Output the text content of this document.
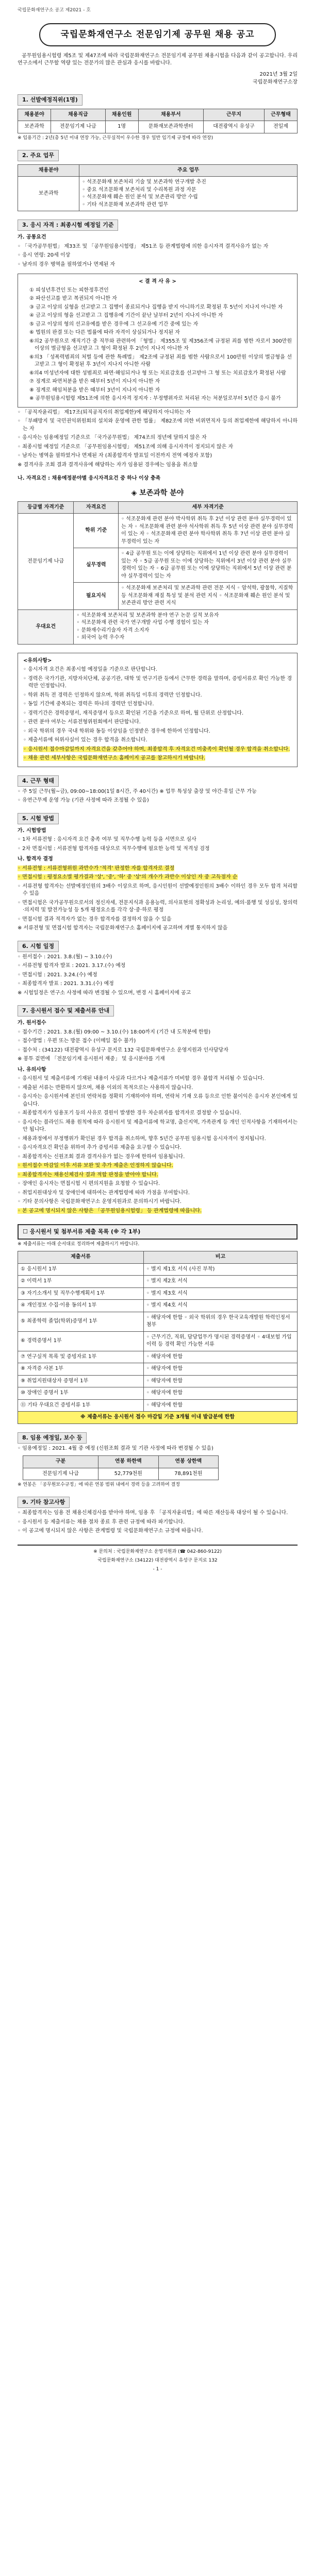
국립문화재연구소 공고 제2021 - 호
국립문화재연구소 전문임기제 공무원 채용 공고

공무원임용시험령 제5조 및 제47조에 따라 국립문화재연구소 전문임기제 공무원 채용시험을 다음과 같이 공고합니다. 우리 연구소에서 근무할 역량 있는 전문가의 많은 관심과 응시를 바랍니다.

2021년 3월 2일
국립문화재연구소장
1. 선발예정직위(1명)
채용분야	채용직급	채용인원	채용부서	근무지	근무형태
보존과학	전문임기제 나급	1명	문화재보존과학센터	대전광역시 유성구	전일제

※ 임용기간 : 2년(총 5년 이내 연장 가능, 근무실적이 우수한 경우 일반 임기제 규정에 따라 연장)

2. 주요 업무
채용분야	주요 업무
보존과학	◦ 석조문화재 보존처리 기술 및 보존과학 연구개발 추진
◦ 중요 석조문화재 보존처리 및 수리복원 과정 자문
◦ 석조문화재 훼손 원인 분석 및 보존관리 방안 수립
◦ 기타 석조문화재 보존과학 관련 업무
3. 응시 자격 : 최종시험 예정일 기준
가. 공통요건

◦ 「국가공무원법」 제33조 및 「공무원임용시험령」 제51조 등 관계법령에 의한 응시자격 결격사유가 없는 자

◦ 응시 연령: 20세 이상

◦ 남자의 경우 병역을 필하였거나 면제된 자

< 결 격 사 유 >

① 피성년후견인 또는 피한정후견인

② 파산선고를 받고 복권되지 아니한 자

③ 금고 이상의 실형을 선고받고 그 집행이 종료되거나 집행을 받지 아니하기로 확정된 후 5년이 지나지 아니한 자

④ 금고 이상의 형을 선고받고 그 집행유예 기간이 끝난 날부터 2년이 지나지 아니한 자

⑤ 금고 이상의 형의 선고유예를 받은 경우에 그 선고유예 기간 중에 있는 자

⑥ 법원의 판결 또는 다른 법률에 따라 자격이 상실되거나 정지된 자

⑥의2 공무원으로 재직기간 중 직무와 관련하여 「형법」 제355조 및 제356조에 규정된 죄를 범한 자로서 300만원 이상의 벌금형을 선고받고 그 형이 확정된 후 2년이 지나지 아니한 자

⑥의3 「성폭력범죄의 처벌 등에 관한 특례법」 제2조에 규정된 죄를 범한 사람으로서 100만원 이상의 벌금형을 선고받고 그 형이 확정된 후 3년이 지나지 아니한 사람

⑥의4 미성년자에 대한 성범죄로 파면·해임되거나 형 또는 치료감호를 선고받아 그 형 또는 치료감호가 확정된 사람

⑦ 징계로 파면처분을 받은 때부터 5년이 지나지 아니한 자

⑧ 징계로 해임처분을 받은 때부터 3년이 지나지 아니한 자

※ 공무원임용시험령 제51조에 의한 응시자격 정지자 : 부정행위자로 처리된 자는 처분일로부터 5년간 응시 불가

◦ 「공직자윤리법」 제17조(퇴직공직자의 취업제한)에 해당하지 아니하는 자

◦ 「부패방지 및 국민권익위원회의 설치와 운영에 관한 법률」 제82조에 의한 비위면직자 등의 취업제한에 해당하지 아니하는 자

◦ 응시자는 임용예정일 기준으로 「국가공무원법」 제74조의 정년에 달하지 않은 자

◦ 최종시험 예정일 기준으로 「공무원임용시험령」 제51조에 의해 응시자격이 정지되지 않은 자

◦ 남자는 병역을 필하였거나 면제된 자 (최종합격자 발표일 이전까지 전역 예정자 포함)

※ 결격사유 조회 결과 결격사유에 해당하는 자가 임용된 경우에는 임용을 취소함

나. 자격요건 : 채용예정분야별 응시자격요건 중 하나 이상 충족
◈ 보존과학 분야
등급별 자격기준	자격요건	세부 자격기준
전문임기제 나급	학위 기준	◦ 석조문화재 관련 분야 박사학위 취득 후 2년 이상 관련 분야 실무경력이 있는 자 ◦ 석조문화재 관련 분야 석사학위 취득 후 5년 이상 관련 분야 실무경력이 있는 자 ◦ 석조문화재 관련 분야 학사학위 취득 후 7년 이상 관련 분야 실무경력이 있는 자
	실무경력	◦ 4급 공무원 또는 이에 상당하는 직위에서 1년 이상 관련 분야 실무경력이 있는 자 ◦ 5급 공무원 또는 이에 상당하는 직위에서 3년 이상 관련 분야 실무경력이 있는 자 ◦ 6급 공무원 또는 이에 상당하는 직위에서 5년 이상 관련 분야 실무경력이 있는 자
	필요지식	◦ 석조문화재 보존처리 및 보존과학 관련 전문 지식 ◦ 암석학, 광물학, 지질학 등 석조문화재 재질 특성 및 분석 관련 지식 ◦ 석조문화재 훼손 원인 분석 및 보존관리 방안 관련 지식
우대요건	◦ 석조문화재 보존처리 및 보존과학 분야 연구 논문 실적 보유자
◦ 석조문화재 관련 국가 연구개발 사업 수행 경험이 있는 자
◦ 문화재수리기술자 자격 소지자
◦ 외국어 능력 우수자	
<유의사항>

◦ 응시자격 요건은 최종시험 예정일을 기준으로 판단합니다.

◦ 경력은 국가기관, 지방자치단체, 공공기관, 대학 및 연구기관 등에서 근무한 경력을 말하며, 증빙서류로 확인 가능한 경력만 인정합니다.

◦ 학위 취득 전 경력은 인정하지 않으며, 학위 취득일 이후의 경력만 인정합니다.

◦ 동일 기간에 중복되는 경력은 하나의 경력만 인정합니다.

◦ 경력기간은 경력증명서, 재직증명서 등으로 확인된 기간을 기준으로 하며, 월 단위로 산정합니다.

◦ 관련 분야 여부는 서류전형위원회에서 판단합니다.

◦ 외국 학위의 경우 국내 학위와 동등 이상임을 인정받은 경우에 한하여 인정합니다.

◦ 제출서류에 허위사실이 있는 경우 합격을 취소합니다.

◦ 응시원서 접수마감일까지 자격요건을 갖추어야 하며, 최종합격 후 자격요건 미충족이 확인될 경우 합격을 취소합니다.

◦ 채용 관련 세부사항은 국립문화재연구소 홈페이지 공고를 참고하시기 바랍니다.

4. 근무 형태

◦ 주 5일 근무(월~금), 09:00~18:00(1일 8시간, 주 40시간) ※ 업무 특성상 출장 및 야간·휴일 근무 가능

◦ 유연근무제 운영 가능 (기관 사정에 따라 조정될 수 있음)

5. 시험 방법
가. 시험방법

◦ 1차 서류전형 : 응시자격 요건 충족 여부 및 직무수행 능력 등을 서면으로 심사

◦ 2차 면접시험 : 서류전형 합격자를 대상으로 직무수행에 필요한 능력 및 적격성 검정

나. 합격자 결정

◦ 서류전형 : 서류전형위원 과반수가 '적격' 판정한 자를 합격자로 결정

◦ 면접시험 : 평정요소별 평가결과 '상', '중', '하' 중 '상'의 개수가 과반수 이상인 자 중 고득점자 순

◦ 서류전형 합격자는 선발예정인원의 3배수 이상으로 하며, 응시인원이 선발예정인원의 3배수 이하인 경우 모두 합격 처리할 수 있음

◦ 면접시험은 국가공무원으로서의 정신자세, 전문지식과 응용능력, 의사표현의 정확성과 논리성, 예의·품행 및 성실성, 창의력·의지력 및 발전가능성 등 5개 평정요소를 각각 상·중·하로 평정

◦ 면접시험 결과 적격자가 없는 경우 합격자를 결정하지 않을 수 있음

※ 서류전형 및 면접시험 합격자는 국립문화재연구소 홈페이지에 공고하며 개별 통지하지 않음

6. 시험 일정

◦ 원서접수 : 2021. 3.8.(월) ~ 3.10.(수)

◦ 서류전형 합격자 발표 : 2021. 3.17.(수) 예정

◦ 면접시험 : 2021. 3.24.(수) 예정

◦ 최종합격자 발표 : 2021. 3.31.(수) 예정

※ 시험일정은 연구소 사정에 따라 변경될 수 있으며, 변경 시 홈페이지에 공고

7. 응시원서 접수 및 제출서류 안내
가. 원서접수

◦ 접수기간 : 2021. 3.8.(월) 09:00 ~ 3.10.(수) 18:00까지 (기간 내 도착분에 한함)

◦ 접수방법 : 우편 또는 방문 접수 (이메일 접수 불가)

◦ 접수처 : (34122) 대전광역시 유성구 문지로 132 국립문화재연구소 운영지원과 인사담당자

※ 봉투 겉면에 「전문임기제 응시원서 재중」 및 응시분야를 기재

나. 유의사항

◦ 응시원서 및 제출서류에 기재된 내용이 사실과 다르거나 제출서류가 미비할 경우 불합격 처리될 수 있습니다.

◦ 제출된 서류는 반환하지 않으며, 채용 이외의 목적으로는 사용하지 않습니다.

◦ 응시자는 응시원서에 본인의 연락처를 정확히 기재하여야 하며, 연락처 기재 오류 등으로 인한 불이익은 응시자 본인에게 있습니다.

◦ 최종합격자가 임용포기 등의 사유로 결원이 발생한 경우 차순위자를 합격자로 결정할 수 있습니다.

◦ 응시자는 블라인드 채용 원칙에 따라 응시원서 및 제출서류에 학교명, 출신지역, 가족관계 등 개인 인적사항을 기재하여서는 안 됩니다.

◦ 채용과정에서 부정행위가 확인된 경우 합격을 취소하며, 향후 5년간 공무원 임용시험 응시자격이 정지됩니다.

◦ 응시자격요건 확인을 위하여 추가 증빙서류 제출을 요구할 수 있습니다.

◦ 최종합격자는 신원조회 결과 결격사유가 없는 경우에 한하여 임용됩니다.

◦ 원서접수 마감일 이후 서류 보완 및 추가 제출은 인정하지 않습니다.

◦ 최종합격자는 채용신체검사 결과 적합 판정을 받아야 합니다.

◦ 장애인 응시자는 면접시험 시 편의지원을 요청할 수 있습니다.

◦ 취업지원대상자 및 장애인에 대하여는 관계법령에 따라 가점을 부여합니다.

◦ 기타 문의사항은 국립문화재연구소 운영지원과로 문의하시기 바랍니다.

◦ 본 공고에 명시되지 않은 사항은 「공무원임용시험령」 등 관계법령에 따릅니다.

☐ 응시원서 및 첨부서류 제출 목록 (※ 각 1부)

※ 제출서류는 아래 순서대로 정리하여 제출하시기 바랍니다.

제출서류	비고
① 응시원서 1부	◦ 별지 제1호 서식 (사진 부착)
② 이력서 1부	◦ 별지 제2호 서식
③ 자기소개서 및 직무수행계획서 1부	◦ 별지 제3호 서식
④ 개인정보 수집·이용 동의서 1부	◦ 별지 제4호 서식
⑤ 최종학력 졸업(학위)증명서 1부	◦ 해당자에 한함 ◦ 외국 학위의 경우 한국교육개발원 학력인정서 첨부
⑥ 경력증명서 1부	◦ 근무기간, 직위, 담당업무가 명시된 경력증명서 ◦ 4대보험 가입 이력 등 경력 확인 가능한 서류
⑦ 연구실적 목록 및 증빙자료 1부	◦ 해당자에 한함
⑧ 자격증 사본 1부	◦ 해당자에 한함
⑨ 취업지원대상자 증명서 1부	◦ 해당자에 한함
⑩ 장애인 증명서 1부	◦ 해당자에 한함
⑪ 기타 우대요건 증빙서류 1부	◦ 해당자에 한함
※ 제출서류는 응시원서 접수 마감일 기준 3개월 이내 발급분에 한함	
8. 임용 예정일, 보수 등

◦ 임용예정일 : 2021. 4월 중 예정 (신원조회 결과 및 기관 사정에 따라 변경될 수 있음)

구분	연봉 하한액	연봉 상한액
전문임기제 나급	52,779천원	78,891천원

※ 연봉은 「공무원보수규정」에 따른 연봉 범위 내에서 경력 등을 고려하여 결정

9. 기타 참고사항

◦ 최종합격자는 임용 전 채용신체검사를 받아야 하며, 임용 후 「공직자윤리법」에 따른 재산등록 대상이 될 수 있습니다.

◦ 응시원서 등 제출서류는 채용 절차 종료 후 관련 규정에 따라 파기합니다.

◦ 이 공고에 명시되지 않은 사항은 관계법령 및 국립문화재연구소 규정에 따릅니다.

※ 문의처 : 국립문화재연구소 운영지원과 (☎ 042-860-9122)
국립문화재연구소 (34122) 대전광역시 유성구 문지로 132
- 1 -
